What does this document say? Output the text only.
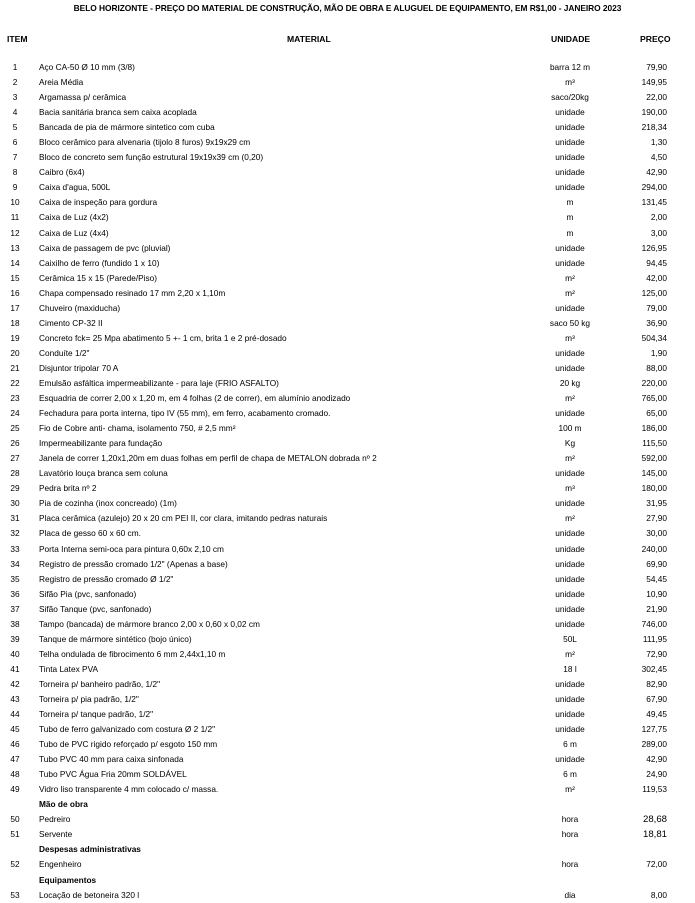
BELO HORIZONTE - PREÇO DO MATERIAL DE CONSTRUÇÃO, MÃO DE OBRA E ALUGUEL DE EQUIPAMENTO, EM R$1,00 - JANEIRO 2023
ITEM	MATERIAL	UNIDADE	PREÇO
1	Aço CA-50 Ø 10 mm (3/8)	barra 12 m	79,90
2	Areia Média	m³	149,95
3	Argamassa p/ cerâmica	saco/20kg	22,00
4	Bacia sanitária branca sem caixa acoplada	unidade	190,00
5	Bancada de pia de mármore sintetico com cuba	unidade	218,34
6	Bloco cerâmico para alvenaria (tijolo 8 furos) 9x19x29 cm	unidade	1,30
7	Bloco de concreto sem função estrutural 19x19x39 cm (0,20)	unidade	4,50
8	Caibro (6x4)	unidade	42,90
9	Caixa d'agua, 500L	unidade	294,00
10 Caixa de inspeção para gordura	m	131,45
11	Caixa de Luz (4x2)	m	2,00
12 Caixa de Luz (4x4)	m	3,00
13 Caixa de passagem de pvc (pluvial)	unidade	126,95
14 Caixilho de ferro (fundido 1 x 10)	unidade	94,45
15 Cerâmica 15 x 15 (Parede/Piso)	m²	42,00
16 Chapa compensado resinado 17 mm 2,20 x 1,10m	m²	125,00
17 Chuveiro (maxiducha)	unidade	79,00
18 Cimento CP-32 II	saco 50 kg	36,90
19 Concreto fck= 25 Mpa abatimento 5 +- 1 cm, brita 1 e 2 pré-dosado	m³	504,34
20 Conduíte 1/2"	unidade	1,90
21 Disjuntor tripolar 70 A	unidade	88,00
22 Emulsão asfáltica impermeabilizante - para laje (FRIO ASFALTO)	20 kg	220,00
23 Esquadria de correr 2,00 x 1,20 m, em 4 folhas (2 de correr), em alumínio anodizado	m²	765,00
24 Fechadura para porta interna, tipo IV (55 mm), em ferro, acabamento cromado.	unidade	65,00
25 Fio de Cobre anti- chama, isolamento 750, # 2,5 mm²	100 m	186,00
26 Impermeabilizante para fundação	Kg	115,50
27 Janela de correr 1,20x1,20m em duas folhas em perfil de chapa de METALON dobrada nº 2	m²	592,00
28 Lavatório louça branca sem coluna	unidade	145,00
29 Pedra brita nº 2	m³	180,00
30 Pia de cozinha (inox concreado) (1m)	unidade	31,95
31 Placa cerâmica (azulejo) 20 x 20 cm PEI II, cor clara, imitando pedras naturais	m²	27,90
32 Placa de gesso 60 x 60 cm.	unidade	30,00
33 Porta Interna semi-oca para pintura 0,60x 2,10 cm	unidade	240,00
34 Registro de pressão cromado 1/2" (Apenas a base)	unidade	69,90
35 Registro de pressão cromado Ø 1/2"	unidade	54,45
36 Sifão Pia (pvc, sanfonado)	unidade	10,90
37 Sifão Tanque (pvc, sanfonado)	unidade	21,90
38 Tampo (bancada) de mármore branco 2,00 x 0,60 x 0,02 cm	unidade	746,00
39 Tanque de mármore sintético (bojo único)	50L	111,95
40 Telha ondulada de fibrocimento 6 mm 2,44x1,10 m	m²	72,90
41 Tinta Latex PVA	18 l	302,45
42 Torneira p/ banheiro padrão, 1/2"	unidade	82,90
43 Torneira p/ pia padrão, 1/2"	unidade	67,90
44 Torneira p/ tanque padrão, 1/2"	unidade	49,45
45 Tubo de ferro galvanizado com costura Ø 2 1/2"	unidade	127,75
46 Tubo de PVC rigido reforçado p/ esgoto 150 mm	6 m	289,00
47 Tubo PVC 40 mm para caixa sinfonada	unidade	42,90
48 Tubo PVC Água Fria 20mm SOLDÁVEL	6 m	24,90
49 Vidro liso transparente 4 mm colocado c/ massa.	m²	119,53
Mão de obra
50 Pedreiro	hora	28,68
51 Servente	hora	18,81
Despesas administrativas
52 Engenheiro	hora	72,00
Equipamentos
53 Locação de betoneira 320 l	dia	8,00
